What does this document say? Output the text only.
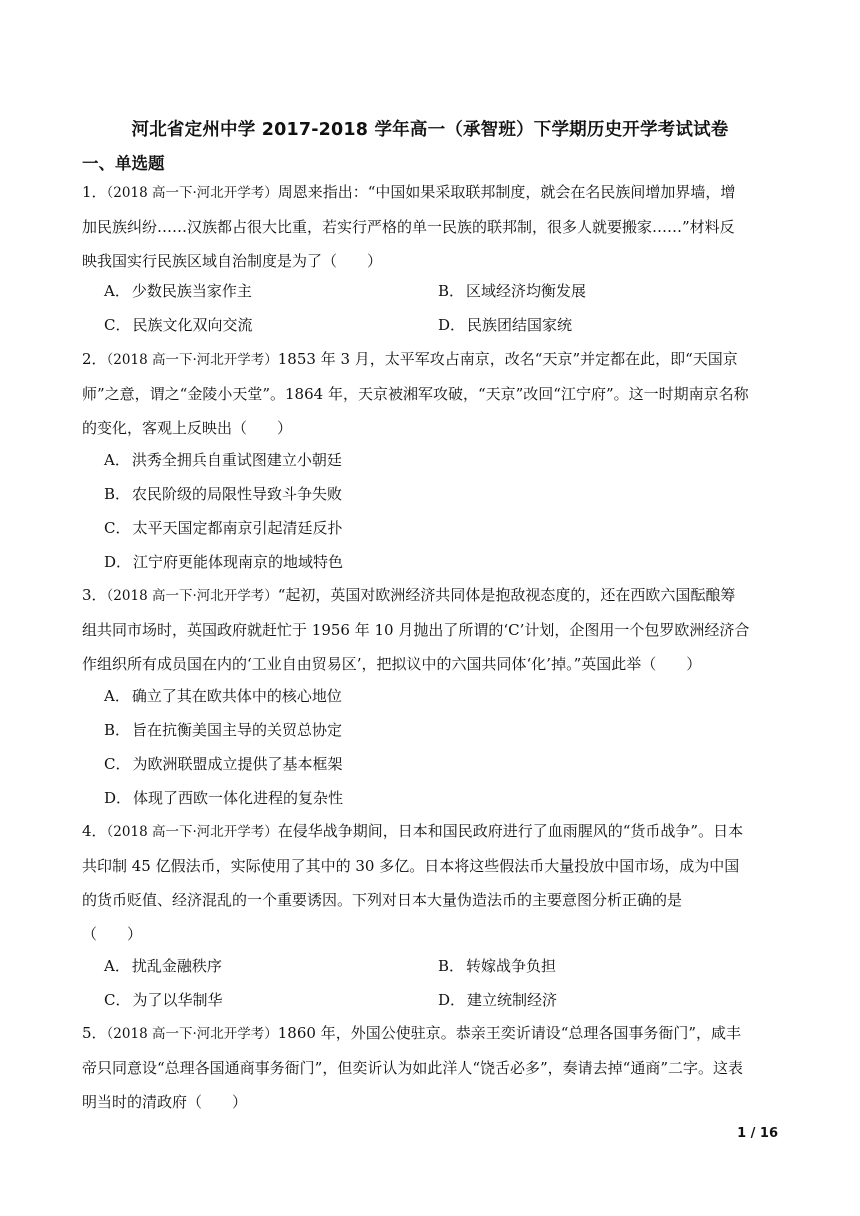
河北省定州中学 2017-2018 学年高一（承智班）下学期历史开学考试试卷
一、单选题
1．（2018 高一下·河北开学考）周恩来指出：“中国如果采取联邦制度，就会在名民族间增加界墙，增
加民族纠纷……汉族都占很大比重，若实行严格的单一民族的联邦制，很多人就要搬家……”材料反
映我国实行民族区域自治制度是为了（　　）
A． 少数民族当家作主	B． 区域经济均衡发展
C． 民族文化双向交流	D． 民族团结国家统
2．（2018 高一下·河北开学考）1853 年 3 月，太平军攻占南京，改名“天京”并定都在此，即“天国京
师”之意，谓之“金陵小天堂”。1864 年，天京被湘军攻破，“天京”改回“江宁府”。这一时期南京名称
的变化，客观上反映出（　　）
A． 洪秀全拥兵自重试图建立小朝廷
B． 农民阶级的局限性导致斗争失败
C． 太平天国定都南京引起清廷反扑
D． 江宁府更能体现南京的地域特色
3．（2018 高一下·河北开学考）“起初，英国对欧洲经济共同体是抱敌视态度的，还在西欧六国酝酿筹
组共同市场时，英国政府就赶忙于 1956 年 10 月抛出了所谓的‘C’计划，企图用一个包罗欧洲经济合
作组织所有成员国在内的‘工业自由贸易区’，把拟议中的六国共同体‘化’掉。”英国此举（　　）
A． 确立了其在欧共体中的核心地位
B． 旨在抗衡美国主导的关贸总协定
C． 为欧洲联盟成立提供了基本框架
D． 体现了西欧一体化进程的复杂性
4．（2018 高一下·河北开学考）在侵华战争期间，日本和国民政府进行了血雨腥风的“货币战争”。日本
共印制 45 亿假法币，实际使用了其中的 30 多亿。日本将这些假法币大量投放中国市场，成为中国
的货币贬值、经济混乱的一个重要诱因。下列对日本大量伪造法币的主要意图分析正确的是
（　　）
A． 扰乱金融秩序	B． 转嫁战争负担
C． 为了以华制华	D． 建立统制经济
5．（2018 高一下·河北开学考）1860 年，外国公使驻京。恭亲王奕䜣请设“总理各国事务衙门”，咸丰
帝只同意设“总理各国通商事务衙门”，但奕䜣认为如此洋人“饶舌必多”，奏请去掉“通商”二字。这表
明当时的清政府（　　）
1 / 16
